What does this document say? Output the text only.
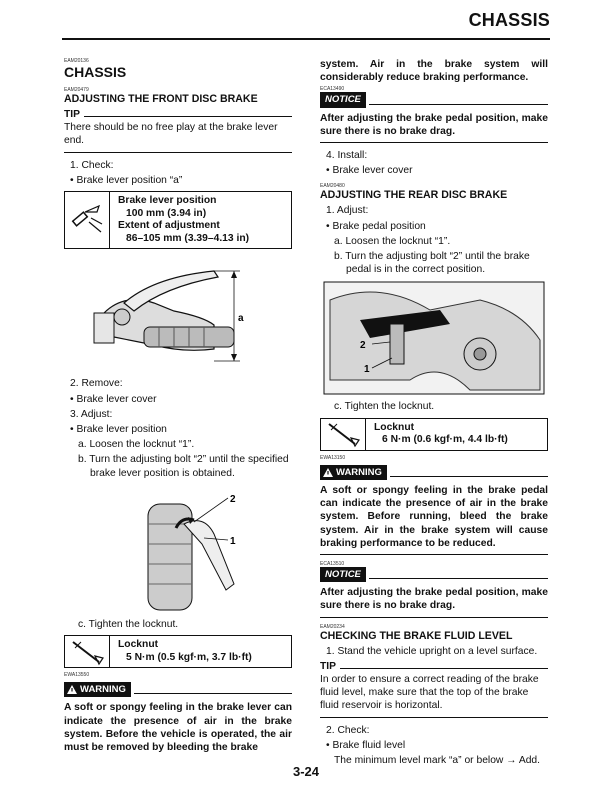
CHASSIS
EAM20136
CHASSIS
EAM20479
ADJUSTING THE FRONT DISC BRAKE
TIP
There should be no free play at the brake lever end.
1. Check:
• Brake lever position “a”
Brake lever position
100 mm (3.94 in)
Extent of adjustment
86–105 mm (3.39–4.13 in)
a
2. Remove:
• Brake lever cover
3. Adjust:
• Brake lever position
a. Loosen the locknut “1”.
b. Turn the adjusting bolt “2” until the specified brake lever position is obtained.
2
1
c. Tighten the locknut.
Locknut
5 N·m (0.5 kgf·m, 3.7 lb·ft)
EWA13550
WARNING
A soft or spongy feeling in the brake lever can indicate the presence of air in the brake system. Before the vehicle is operated, the air must be removed by bleeding the brake
system. Air in the brake system will considerably reduce braking performance.
ECA13490
NOTICE
After adjusting the brake pedal position, make sure there is no brake drag.
4. Install:
• Brake lever cover
EAM20480
ADJUSTING THE REAR DISC BRAKE
1. Adjust:
• Brake pedal position
a. Loosen the locknut “1”.
b. Turn the adjusting bolt “2” until the brake pedal is in the correct position.
2
1
c. Tighten the locknut.
Locknut
6 N·m (0.6 kgf·m, 4.4 lb·ft)
EWA13150
WARNING
A soft or spongy feeling in the brake pedal can indicate the presence of air in the brake system. Before running, bleed the brake system. Air in the brake system will cause braking performance to be reduced.
ECA13510
NOTICE
After adjusting the brake pedal position, make sure there is no brake drag.
EAM20234
CHECKING THE BRAKE FLUID LEVEL
1. Stand the vehicle upright on a level surface.
TIP
In order to ensure a correct reading of the brake fluid level, make sure that the top of the brake fluid reservoir is horizontal.
2. Check:
• Brake fluid level
The minimum level mark “a” or below → Add.
3-24
